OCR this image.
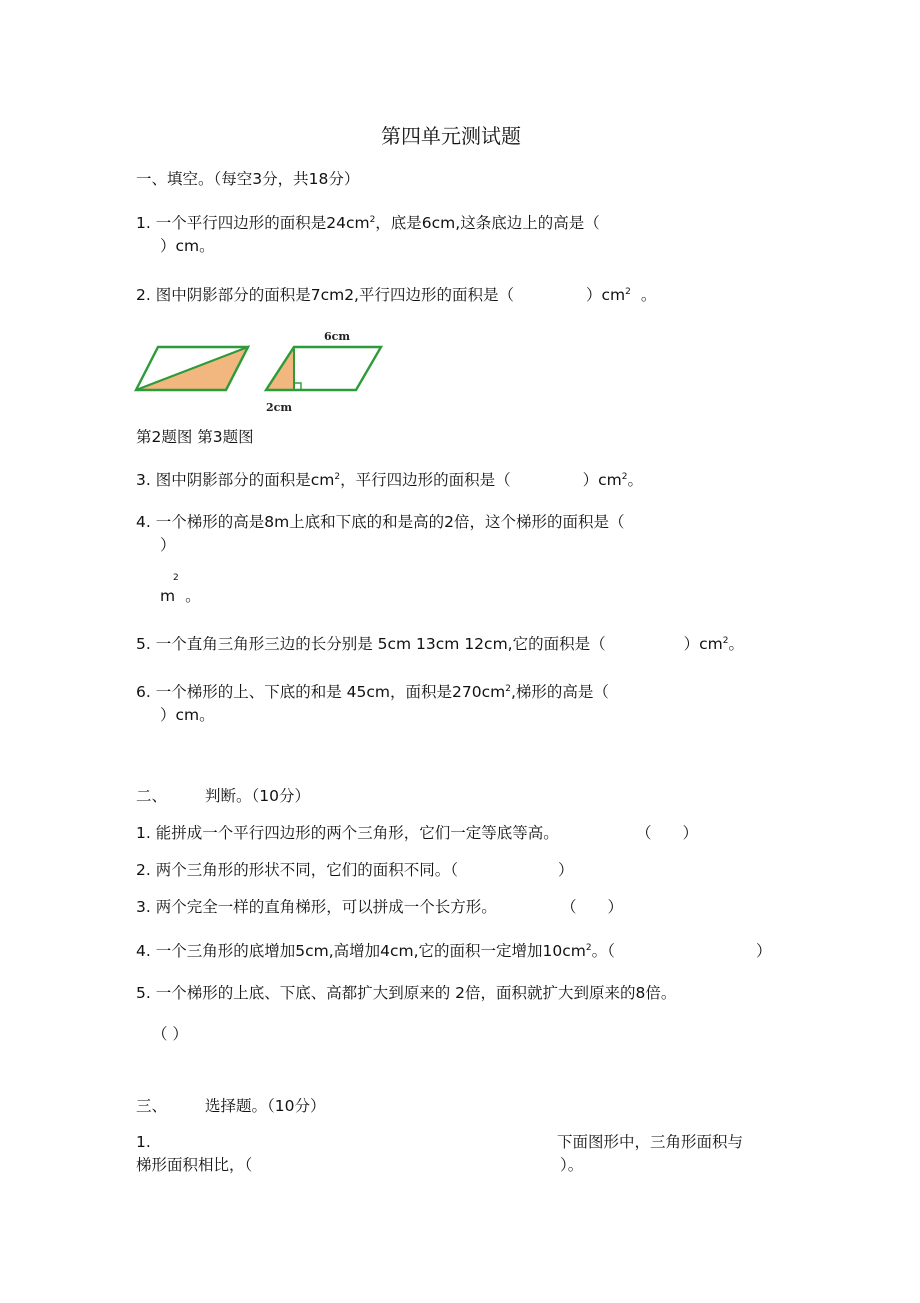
第四单元测试题
一、填空。（每空3分，共18分）
1. 一个平行四边形的面积是$24cm^2$，底是6cm,这条底边上的高是（
）cm。
2. 图中阴影部分的面积是7cm2,平行四边形的面积是（	）$cm^2$ 。
6cm
2cm
第2题图 第3题图
3. 图中阴影部分的面积是$cm^2$，平行四边形的面积是（	）$cm^2$。
4. 一个梯形的高是8m上底和下底的和是高的2倍，这个梯形的面积是（
）
2
m 。
5. 一个直角三角形三边的长分别是 5cm 13cm 12cm,它的面积是（	）$cm^2$。
6. 一个梯形的上、下底的和是 45cm，面积是$270cm^2$,梯形的高是（
）cm。
二、 判断。（10分）
1. 能拼成一个平行四边形的两个三角形，它们一定等底等高。	（　　）
2. 两个三角形的形状不同，它们的面积不同。（	）
3. 两个完全一样的直角梯形，可以拼成一个长方形。	（　　）
4. 一个三角形的底增加5cm,高增加4cm,它的面积一定增加$10cm^2$。（	）
5. 一个梯形的上底、下底、高都扩大到原来的 2倍，面积就扩大到原来的8倍。
（ ）
三、 选择题。（10分）
1.	下面图形中，三角形面积与
梯形面积相比，（	）。
